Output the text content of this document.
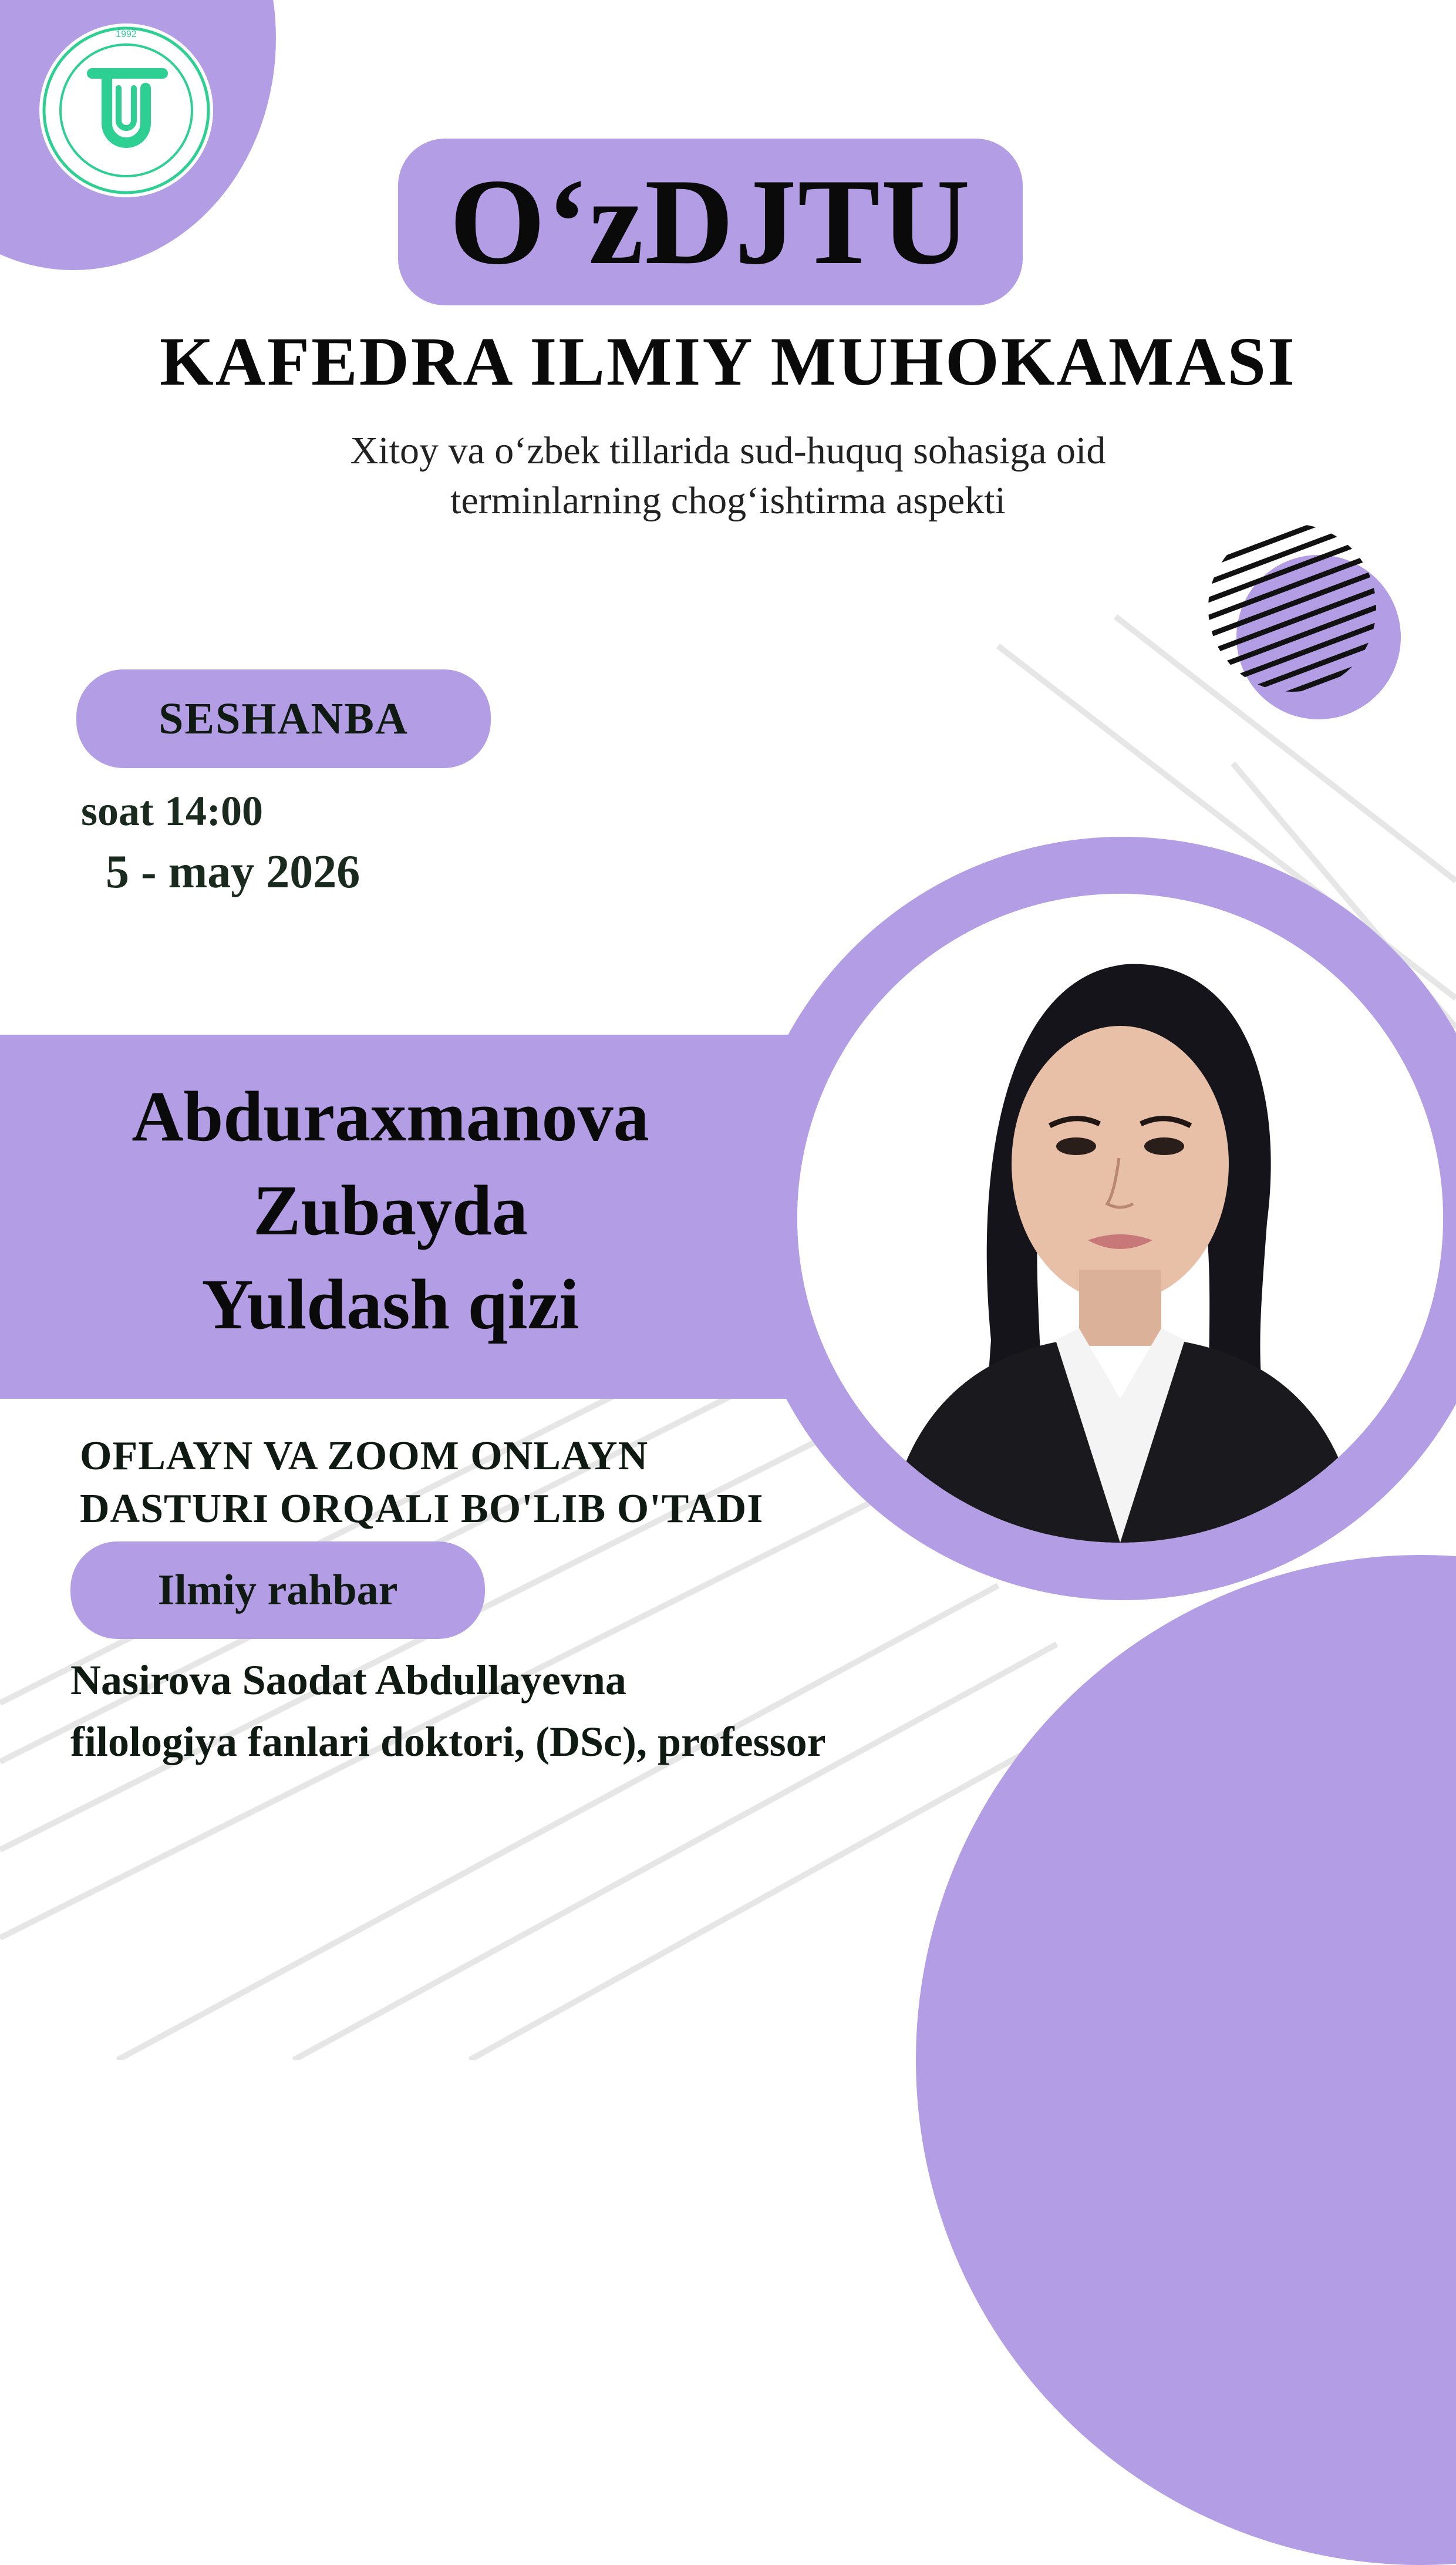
1992
O‘zDJTU
KAFEDRA ILMIY MUHOKAMASI
Xitoy va o‘zbek tillarida sud-huquq sohasiga oid
terminlarning chog‘ishtirma aspekti
SESHANBA
soat 14:00
5 - may 2026
Abduraxmanova
Zubayda
Yuldash qizi
OFLAYN VA ZOOM ONLAYN
DASTURI ORQALI BO'LIB O'TADI
Ilmiy rahbar
Nasirova Saodat Abdullayevna
filologiya fanlari doktori, (DSc), professor
